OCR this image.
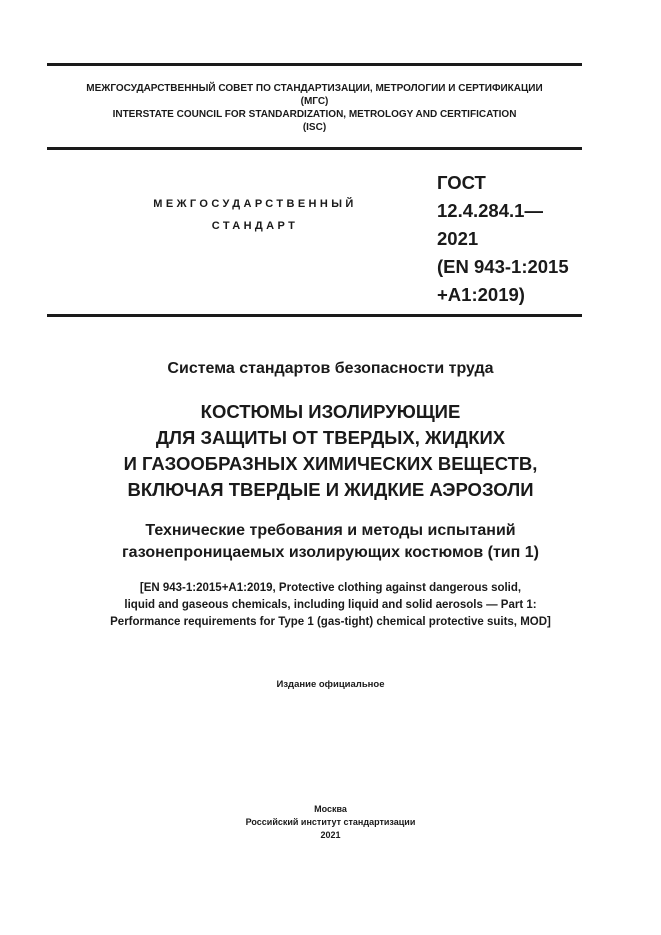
МЕЖГОСУДАРСТВЕННЫЙ СОВЕТ ПО СТАНДАРТИЗАЦИИ, МЕТРОЛОГИИ И СЕРТИФИКАЦИИ
(МГС)
INTERSTATE COUNCIL FOR STANDARDIZATION, METROLOGY AND CERTIFICATION
(ISC)
МЕЖГОСУДАРСТВЕННЫЙ
СТАНДАРТ
ГОСТ
12.4.284.1—
2021
(EN 943-1:2015
+A1:2019)
Система стандартов безопасности труда
КОСТЮМЫ ИЗОЛИРУЮЩИЕ
ДЛЯ ЗАЩИТЫ ОТ ТВЕРДЫХ, ЖИДКИХ
И ГАЗООБРАЗНЫХ ХИМИЧЕСКИХ ВЕЩЕСТВ,
ВКЛЮЧАЯ ТВЕРДЫЕ И ЖИДКИЕ АЭРОЗОЛИ
Технические требования и методы испытаний
газонепроницаемых изолирующих костюмов (тип 1)
[EN 943-1:2015+A1:2019, Protective clothing against dangerous solid,
liquid and gaseous chemicals, including liquid and solid aerosols — Part 1:
Performance requirements for Type 1 (gas-tight) chemical protective suits, MOD]
Издание официальное
Москва
Российский институт стандартизации
2021
